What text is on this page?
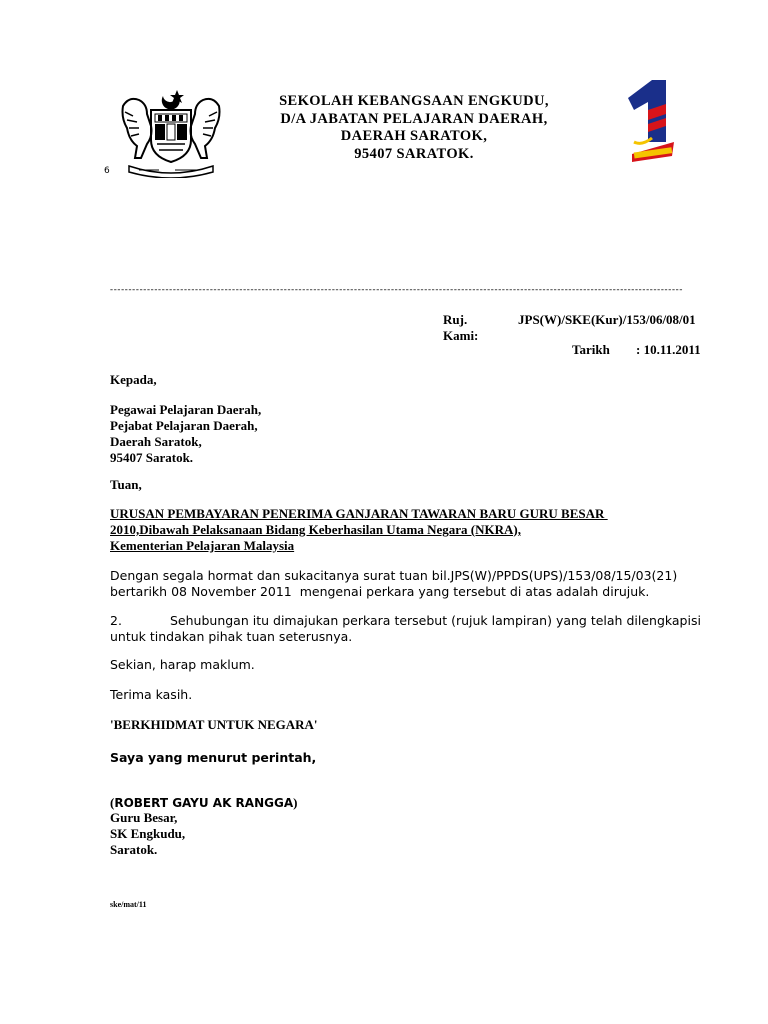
6
SEKOLAH KEBANGSAAN ENGKUDU,
D/A JABATAN PELAJARAN DAERAH,
DAERAH SARATOK,
95407 SARATOK.
-----------------------------------------------------------------------------------------------------------------------------------------------------------
Ruj. Kami:
JPS(W)/SKE(Kur)/153/06/08/01
Tarikh : 10.11.2011
Kepada,
Pegawai Pelajaran Daerah,
Pejabat Pelajaran Daerah,
Daerah Saratok,
95407 Saratok.
Tuan,
URUSAN PEMBAYARAN PENERIMA GANJARAN TAWARAN BARU GURU BESAR
2010,Dibawah Pelaksanaan Bidang Keberhasilan Utama Negara (NKRA),
Kementerian Pelajaran Malaysia
Dengan segala hormat dan sukacitanya surat tuan bil.JPS(W)/PPDS(UPS)/153/08/15/03(21)
bertarikh 08 November 2011  mengenai perkara yang tersebut di atas adalah dirujuk.
2.	Sehubungan itu dimajukan perkara tersebut (rujuk lampiran) yang telah dilengkapisi
untuk tindakan pihak tuan seterusnya.
Sekian, harap maklum.
Terima kasih.
'BERKHIDMAT UNTUK NEGARA'
Saya yang menurut perintah,
(ROBERT GAYU AK RANGGA)
Guru Besar,
SK Engkudu,
Saratok.
ske/mat/11
